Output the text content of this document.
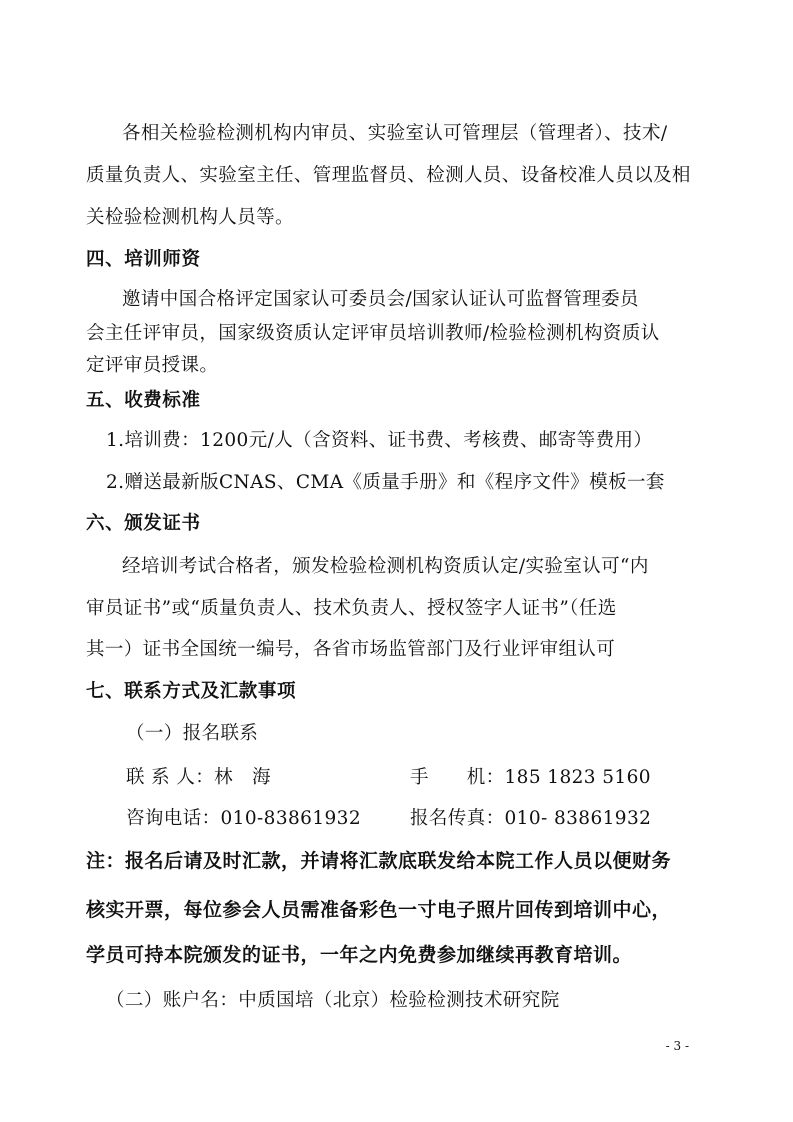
各相关检验检测机构内审员、实验室认可管理层（管理者）、技术/
质量负责人、实验室主任、管理监督员、检测人员、设备校准人员以及相
关检验检测机构人员等。
四、培训师资
邀请中国合格评定国家认可委员会/国家认证认可监督管理委员
会主任评审员，国家级资质认定评审员培训教师/检验检测机构资质认
定评审员授课。
五、收费标准
1.培训费：1200元/人（含资料、证书费、考核费、邮寄等费用）
2.赠送最新版CNAS、CMA《质量手册》和《程序文件》模板一套
六、颁发证书
经培训考试合格者，颁发检验检测机构资质认定/实验室认可“内
审员证书”或“质量负责人、技术负责人、授权签字人证书”（任选
其一）证书全国统一编号，各省市场监管部门及行业评审组认可
七、联系方式及汇款事项
（一）报名联系
联 系 人：林　海	手　　机：185 1823 5160
咨询电话：010-83861932	报名传真：010- 83861932
注：报名后请及时汇款，并请将汇款底联发给本院工作人员以便财务
核实开票，每位参会人员需准备彩色一寸电子照片回传到培训中心，
学员可持本院颁发的证书，一年之内免费参加继续再教育培训。
（二）账户名：中质国培（北京）检验检测技术研究院
- 3 -
